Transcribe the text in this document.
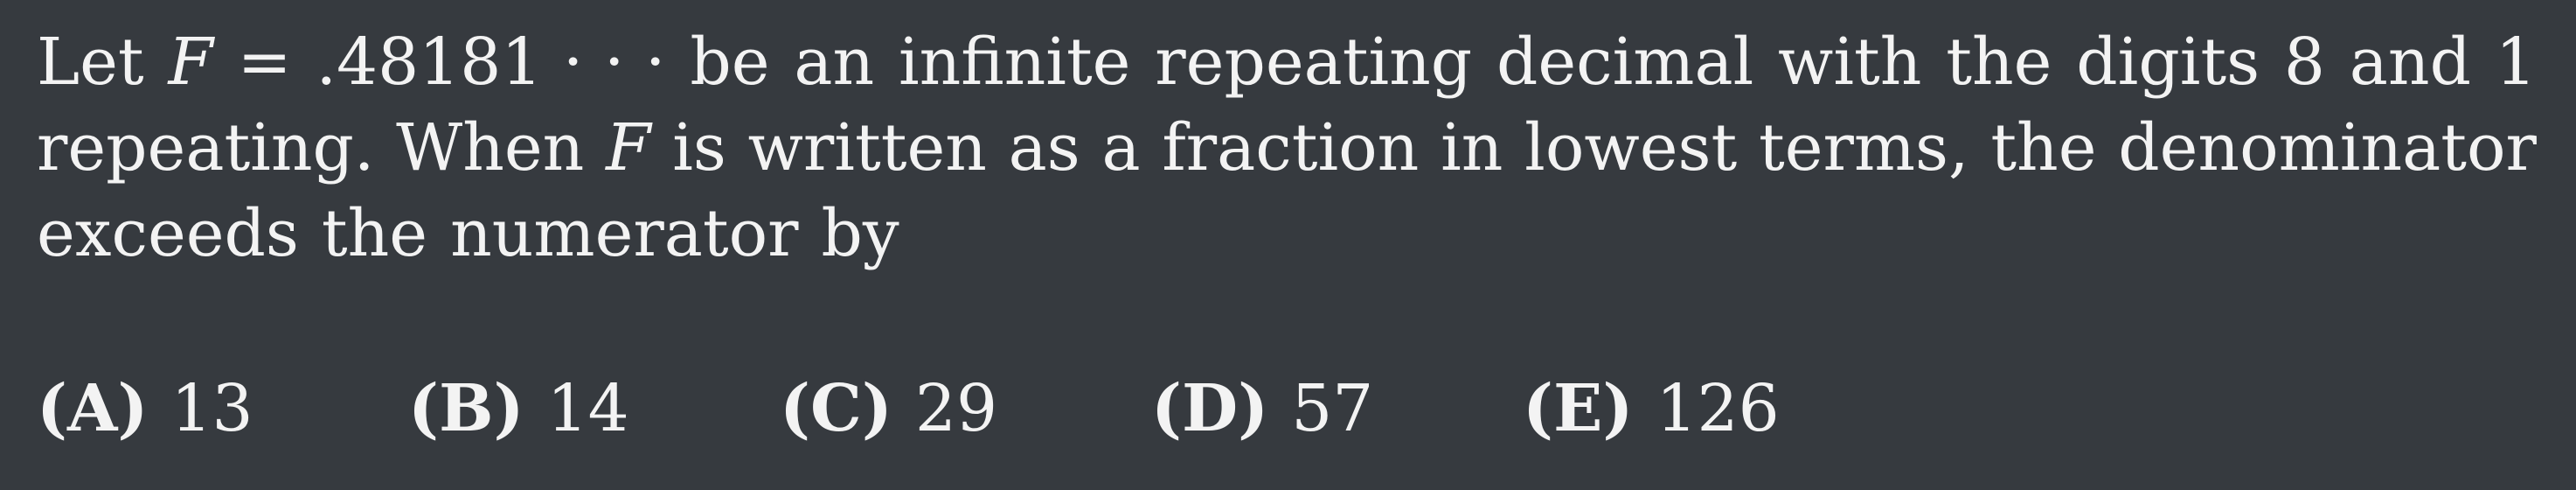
Let F = .48181 · · · be an infinite repeating decimal with the digits 8 and 1
repeating. When F is written as a fraction in lowest terms, the denominator
exceeds the numerator by
(A) 13 (B) 14 (C) 29 (D) 57 (E) 126
